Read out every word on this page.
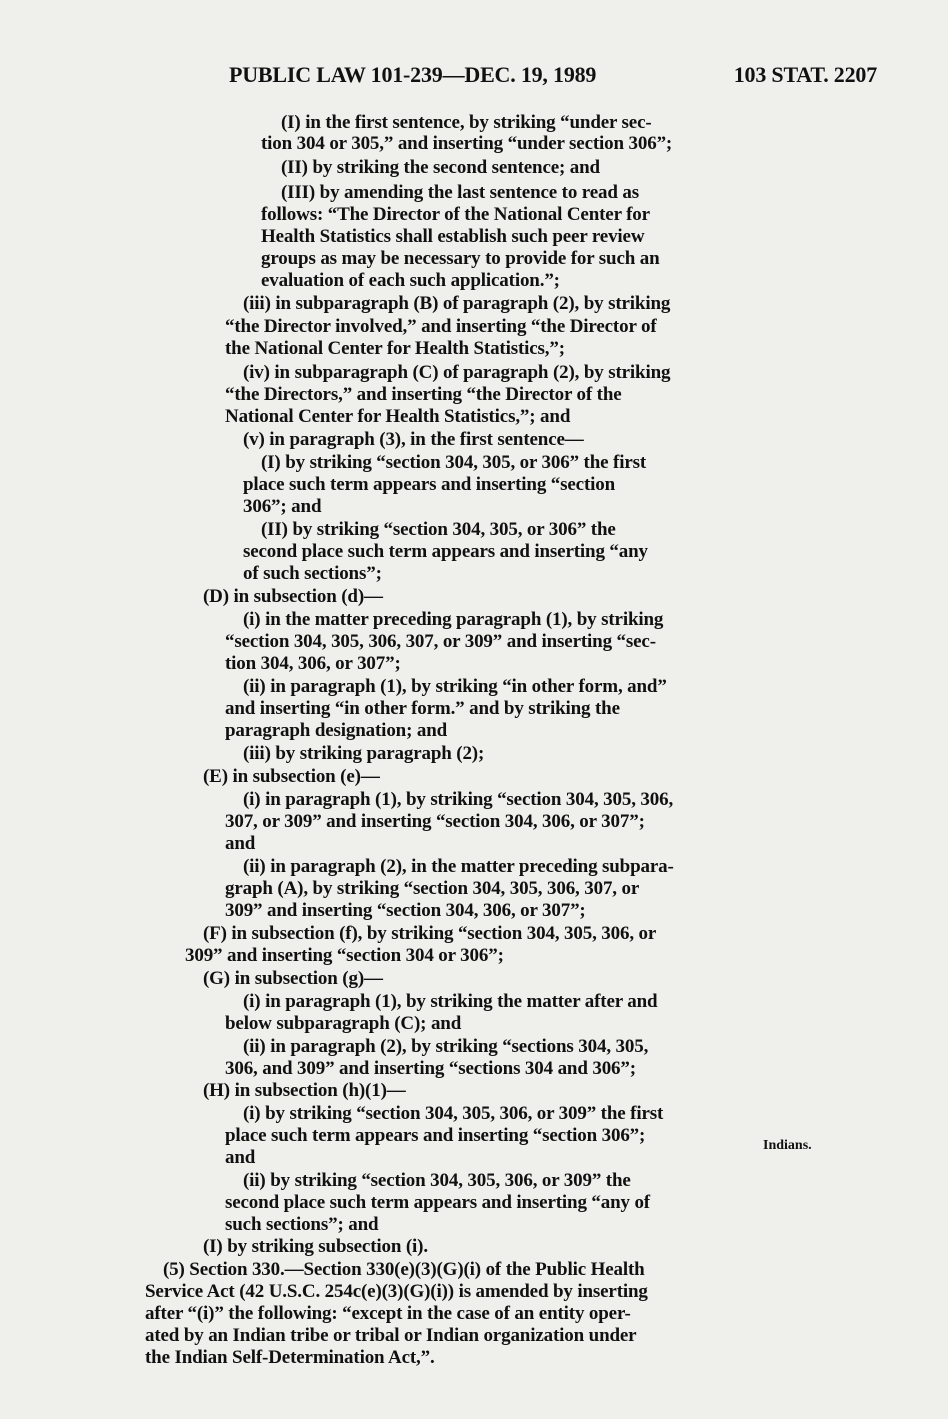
PUBLIC LAW 101-239—DEC. 19, 1989	103 STAT. 2207
(I) in the first sentence, by striking “under sec-
tion 304 or 305,” and inserting “under section 306”;
(II) by striking the second sentence; and
(III) by amending the last sentence to read as
follows: “The Director of the National Center for
Health Statistics shall establish such peer review
groups as may be necessary to provide for such an
evaluation of each such application.”;
(iii) in subparagraph (B) of paragraph (2), by striking
“the Director involved,” and inserting “the Director of
the National Center for Health Statistics,”;
(iv) in subparagraph (C) of paragraph (2), by striking
“the Directors,” and inserting “the Director of the
National Center for Health Statistics,”; and
(v) in paragraph (3), in the first sentence—
(I) by striking “section 304, 305, or 306” the first
place such term appears and inserting “section
306”; and
(II) by striking “section 304, 305, or 306” the
second place such term appears and inserting “any
of such sections”;
(D) in subsection (d)—
(i) in the matter preceding paragraph (1), by striking
“section 304, 305, 306, 307, or 309” and inserting “sec-
tion 304, 306, or 307”;
(ii) in paragraph (1), by striking “in other form, and”
and inserting “in other form.” and by striking the
paragraph designation; and
(iii) by striking paragraph (2);
(E) in subsection (e)—
(i) in paragraph (1), by striking “section 304, 305, 306,
307, or 309” and inserting “section 304, 306, or 307”;
and
(ii) in paragraph (2), in the matter preceding subpara-
graph (A), by striking “section 304, 305, 306, 307, or
309” and inserting “section 304, 306, or 307”;
(F) in subsection (f), by striking “section 304, 305, 306, or
309” and inserting “section 304 or 306”;
(G) in subsection (g)—
(i) in paragraph (1), by striking the matter after and
below subparagraph (C); and
(ii) in paragraph (2), by striking “sections 304, 305,
306, and 309” and inserting “sections 304 and 306”;
(H) in subsection (h)(1)—
(i) by striking “section 304, 305, 306, or 309” the first
place such term appears and inserting “section 306”;
and
(ii) by striking “section 304, 305, 306, or 309” the
second place such term appears and inserting “any of
such sections”; and
(I) by striking subsection (i).
(5) Section 330.—Section 330(e)(3)(G)(i) of the Public Health
Service Act (42 U.S.C. 254c(e)(3)(G)(i)) is amended by inserting
after “(i)” the following: “except in the case of an entity oper-
ated by an Indian tribe or tribal or Indian organization under
the Indian Self-Determination Act,”.
Indians.
